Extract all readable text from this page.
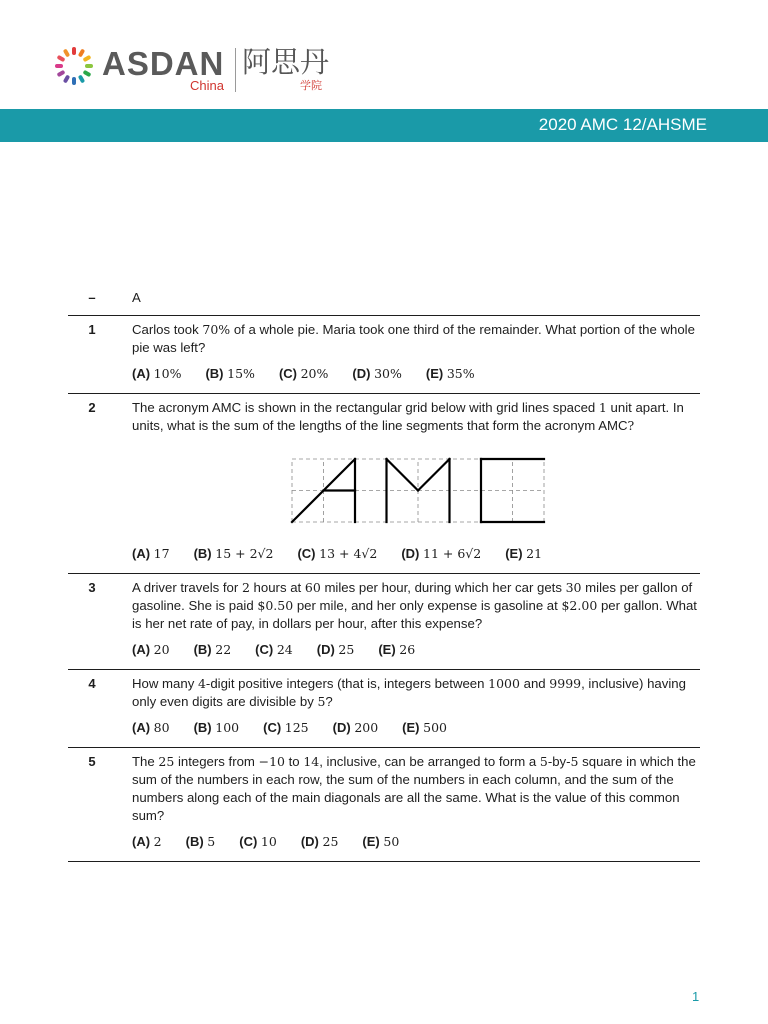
ASDAN
China
阿思丹
学院
2020 AMC 12/AHSME
–	A
1	Carlos took 70% of a whole pie. Maria took one third of the remainder. What portion of the whole pie was left?

(A) 10% (B) 15% (C) 20% (D) 30% (E) 35%
2	The acronym AMC is shown in the rectangular grid below with grid lines spaced 1 unit apart. In units, what is the sum of the lengths of the line segments that form the acronym AMC?

(A) 17 (B) 15 + 2√2 (C) 13 + 4√2 (D) 11 + 6√2 (E) 21
3	A driver travels for 2 hours at 60 miles per hour, during which her car gets 30 miles per gallon of gasoline. She is paid $0.50 per mile, and her only expense is gasoline at $2.00 per gallon. What is her net rate of pay, in dollars per hour, after this expense?

(A) 20 (B) 22 (C) 24 (D) 25 (E) 26
4	How many 4-digit positive integers (that is, integers between 1000 and 9999, inclusive) having only even digits are divisible by 5?

(A) 80 (B) 100 (C) 125 (D) 200 (E) 500
5	The 25 integers from −10 to 14, inclusive, can be arranged to form a 5-by-5 square in which the sum of the numbers in each row, the sum of the numbers in each column, and the sum of the numbers along each of the main diagonals are all the same. What is the value of this common sum?

(A) 2 (B) 5 (C) 10 (D) 25 (E) 50
1
